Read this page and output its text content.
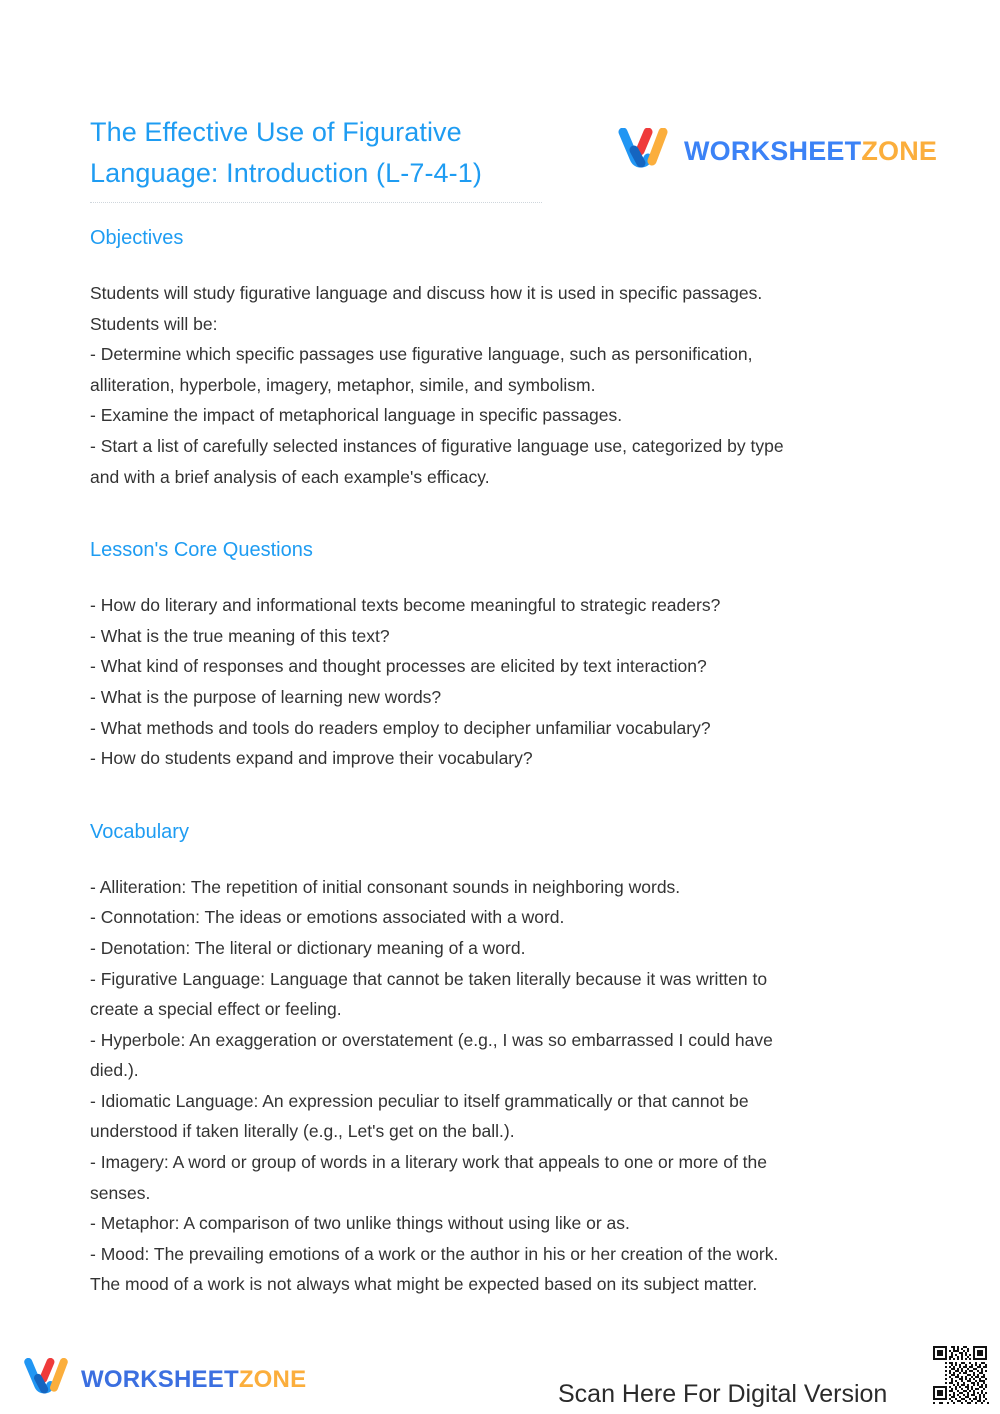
The Effective Use of Figurative Language: Introduction (L-7-4-1)
WORKSHEETZONE
Objectives

Students will study figurative language and discuss how it is used in specific passages.
Students will be:
- Determine which specific passages use figurative language, such as personification,
alliteration, hyperbole, imagery, metaphor, simile, and symbolism.
- Examine the impact of metaphorical language in specific passages.
- Start a list of carefully selected instances of figurative language use, categorized by type
and with a brief analysis of each example's efficacy.

Lesson's Core Questions

- How do literary and informational texts become meaningful to strategic readers?
- What is the true meaning of this text?
- What kind of responses and thought processes are elicited by text interaction?
- What is the purpose of learning new words?
- What methods and tools do readers employ to decipher unfamiliar vocabulary?
- How do students expand and improve their vocabulary?

Vocabulary

- Alliteration: The repetition of initial consonant sounds in neighboring words.
- Connotation: The ideas or emotions associated with a word.
- Denotation: The literal or dictionary meaning of a word.
- Figurative Language: Language that cannot be taken literally because it was written to
create a special effect or feeling.
- Hyperbole: An exaggeration or overstatement (e.g., I was so embarrassed I could have
died.).
- Idiomatic Language: An expression peculiar to itself grammatically or that cannot be
understood if taken literally (e.g., Let's get on the ball.).
- Imagery: A word or group of words in a literary work that appeals to one or more of the
senses.
- Metaphor: A comparison of two unlike things without using like or as.
- Mood: The prevailing emotions of a work or the author in his or her creation of the work.
The mood of a work is not always what might be expected based on its subject matter.

WORKSHEETZONE
Scan Here For Digital Version
